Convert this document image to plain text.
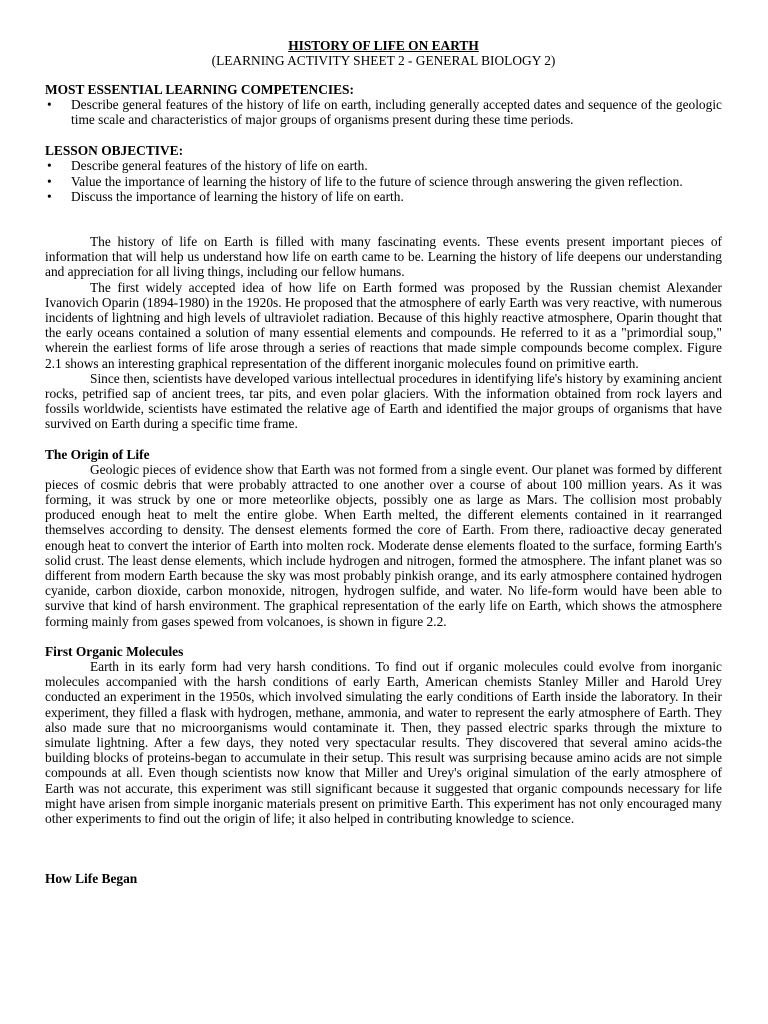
HISTORY OF LIFE ON EARTH
(LEARNING ACTIVITY SHEET 2 - GENERAL BIOLOGY 2)
MOST ESSENTIAL LEARNING COMPETENCIES:
• Describe general features of the history of life on earth, including generally accepted dates and sequence of the geologic time scale and characteristics of major groups of organisms present during these time periods.
LESSON OBJECTIVE:
• Describe general features of the history of life on earth.
• Value the importance of learning the history of life to the future of science through answering the given reflection.
• Discuss the importance of learning the history of life on earth.

The history of life on Earth is filled with many fascinating events. These events present important pieces of information that will help us understand how life on earth came to be. Learning the history of life deepens our understanding and appreciation for all living things, including our fellow humans.

The first widely accepted idea of how life on Earth formed was proposed by the Russian chemist Alexander Ivanovich Oparin (1894-1980) in the 1920s. He proposed that the atmosphere of early Earth was very reactive, with numerous incidents of lightning and high levels of ultraviolet radiation. Because of this highly reactive atmosphere, Oparin thought that the early oceans contained a solution of many essential elements and compounds. He referred to it as a "primordial soup," wherein the earliest forms of life arose through a series of reactions that made simple compounds become complex. Figure 2.1 shows an interesting graphical representation of the different inorganic molecules found on primitive earth.

Since then, scientists have developed various intellectual procedures in identifying life's history by examining ancient rocks, petrified sap of ancient trees, tar pits, and even polar glaciers. With the information obtained from rock layers and fossils worldwide, scientists have estimated the relative age of Earth and identified the major groups of organisms that have survived on Earth during a specific time frame.

The Origin of Life

Geologic pieces of evidence show that Earth was not formed from a single event. Our planet was formed by different pieces of cosmic debris that were probably attracted to one another over a course of about 100 million years. As it was forming, it was struck by one or more meteorlike objects, possibly one as large as Mars. The collision most probably produced enough heat to melt the entire globe. When Earth melted, the different elements contained in it rearranged themselves according to density. The densest elements formed the core of Earth. From there, radioactive decay generated enough heat to convert the interior of Earth into molten rock. Moderate dense elements floated to the surface, forming Earth's solid crust. The least dense elements, which include hydrogen and nitrogen, formed the atmosphere. The infant planet was so different from modern Earth because the sky was most probably pinkish orange, and its early atmosphere contained hydrogen cyanide, carbon dioxide, carbon monoxide, nitrogen, hydrogen sulfide, and water. No life-form would have been able to survive that kind of harsh environment. The graphical representation of the early life on Earth, which shows the atmosphere forming mainly from gases spewed from volcanoes, is shown in figure 2.2.

First Organic Molecules

Earth in its early form had very harsh conditions. To find out if organic molecules could evolve from inorganic molecules accompanied with the harsh conditions of early Earth, American chemists Stanley Miller and Harold Urey conducted an experiment in the 1950s, which involved simulating the early conditions of Earth inside the laboratory. In their experiment, they filled a flask with hydrogen, methane, ammonia, and water to represent the early atmosphere of Earth. They also made sure that no microorganisms would contaminate it. Then, they passed electric sparks through the mixture to simulate lightning. After a few days, they noted very spectacular results. They discovered that several amino acids-the building blocks of proteins-began to accumulate in their setup. This result was surprising because amino acids are not simple compounds at all. Even though scientists now know that Miller and Urey's original simulation of the early atmosphere of Earth was not accurate, this experiment was still significant because it suggested that organic compounds necessary for life might have arisen from simple inorganic materials present on primitive Earth. This experiment has not only encouraged many other experiments to find out the origin of life; it also helped in contributing knowledge to science.

How Life Began
